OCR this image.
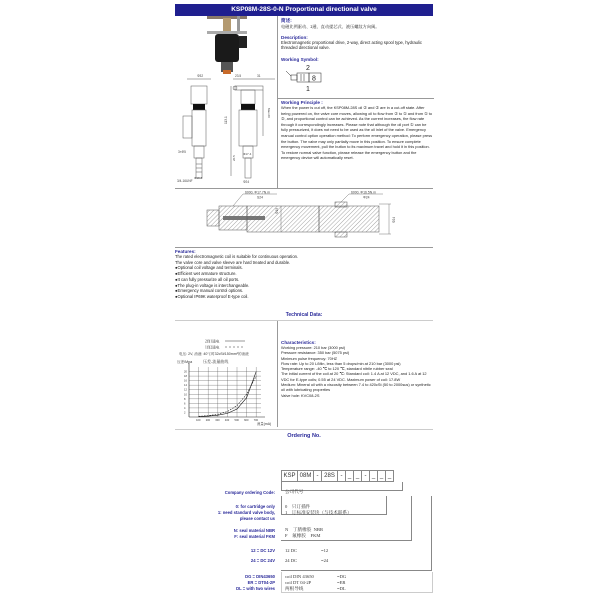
KSP08M-28S-0-N Proportional directional valve
Φ32
3×Φ5
3/4-16UNF
Φ19.8
23.5	31
113.1
Φ24
Φ17.4
20.5
Max.60

简述:

电磁比例驱动、2通、直动提芯式、液压螺纹方向阀。

Description:

Electromagnetic proportional drive, 2-way, direct acting spool type, hydraulic threaded directional valve.

Working Symbol:

2
8
1

Working Principle :

When the power is out off, the KSP08M-28S oil ② and ② are in a cut-off state. After being powered on, the valve core moves, allowing oil to flow from ② to ① and from ① to ②, and proportional control can be achieved. As the current increases, the flow rate through it correspondingly increases. Please note that although the oil port ① can be fully pressurized, it does not need to be used as the oil inlet of the valve. Emergency manual control option operation method: To perform emergency operation, please press the button. The valve may only partially move in this position. To ensure complete emergency movement, pull the button to its maximum travel and hold it in this position. To restore normal valve function, please release the emergency button and the emergency device will automatically reset.

6000, Φ17.7N.m
S24
6000, Φ16.5N.m
Φ24
Φ19
Φ24

Features:

The rated electromagnetic coil is suitable for continuous operation.

The valve core and valve sleeve are hard treated and durable.

●Optional coil voltage and terminals.

●Efficient wet armature structure.

●It can fully pressurize all oil ports.

●The plug-in voltage is interchangeable.

●Emergency manual control options.

●Optional IP69K waterproof E-type coil.

Technical Data:
2到1通电
1到2通电
电压: 2V, 油液: 40℃时32cSt/150mm²的油液
压差-流量曲线
压差/Mpa
流量(mA)
100 200 300 400 500 600 700
2
4
6
8
10
12
14
16
18
20

Characteristics:

Working pressure: 210 bar (3000 psi)

Pressure resistance: 350 bar (5075 psi)

Minimum pulse frequency: 70HZ

Flow rate: Up to 20 L/Min, less than 5 drops/min at 210 bar (3000 psi)

Temperature range: -40 ℃ to 120 ℃, standard nitrile rubber seal

The initial current of the coil at 20 ℃: Standard coil: 1.4 A at 12 VDC, and 1.6 A at 12 VDC for E-type coils; 0.55 at 24 VDC. Maximum power of coil: 17.8W

Medium: Mineral oil with a viscosity between 7.4 to 420cSt (50 to 2000sus) or synthetic oil with lubricating properties

Valve hole: KVC08-2S

Ordering No.
KSP 08M - 28S - _ _ - _ _ _
Company ordering Code:
0: for cartridge only
1: need standard valve body, please contact us
N: seal material NBR
F: seal material FKM
12 = DC 12V
24 = DC 24V
DG = DIN43650
ER = DT04-2P
DL = with two wires
公司代号
0    只订插件
1    订标准安装块（与技术联系）
N    丁腈橡胶  NBR
F    氟橡胶    FKM
12 DC	=12
24 DC	=24
coil DIN 43650	=DG
coil DT 04-2P	=ER
两根导线	=DL
